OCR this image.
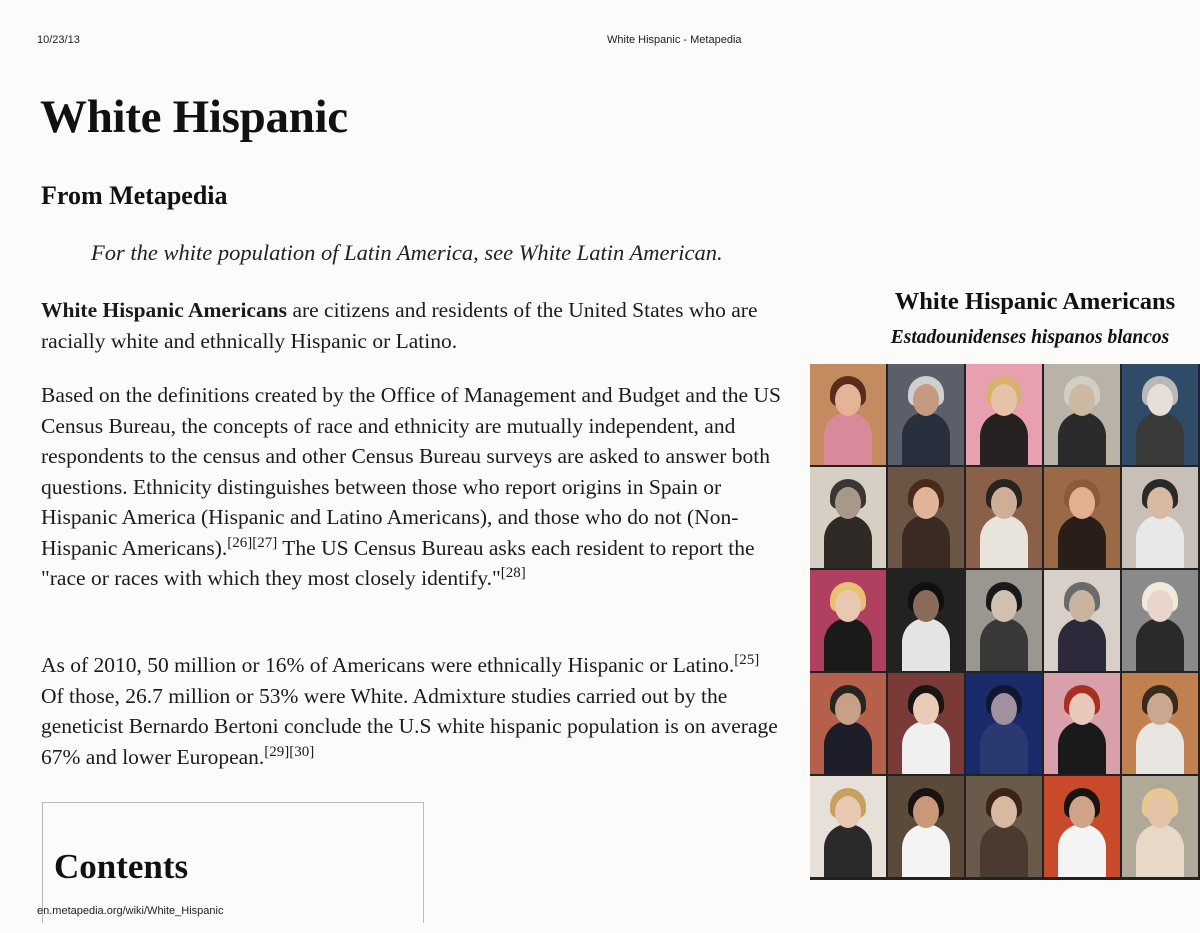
10/23/13	White Hispanic - Metapedia
White Hispanic
From Metapedia
For the white population of Latin America, see White Latin American.

White Hispanic Americans are citizens and residents of the United States who are racially white and ethnically Hispanic or Latino.

Based on the definitions created by the Office of Management and Budget and the US Census Bureau, the concepts of race and ethnicity are mutually independent, and respondents to the census and other Census Bureau surveys are asked to answer both questions. Ethnicity distinguishes between those who report origins in Spain or Hispanic America (Hispanic and Latino Americans), and those who do not (Non-Hispanic Americans).[26][27] The US Census Bureau asks each resident to report the "race or races with which they most closely identify."[28]

As of 2010, 50 million or 16% of Americans were ethnically Hispanic or Latino.[25] Of those, 26.7 million or 53% were White. Admixture studies carried out by the geneticist Bernardo Bertoni conclude the U.S white hispanic population is on average 67% and lower European.[29][30]

Contents
en.metapedia.org/wiki/White_Hispanic
White Hispanic Americans
Estadounidenses hispanos blancos
